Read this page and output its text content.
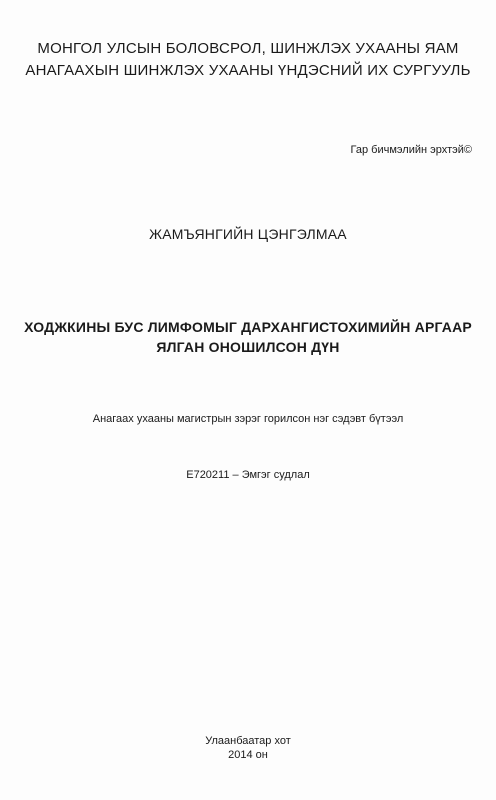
МОНГОЛ УЛСЫН БОЛОВСРОЛ, ШИНЖЛЭХ УХААНЫ ЯАМ
АНАГААХЫН ШИНЖЛЭХ УХААНЫ ҮНДЭСНИЙ ИХ СУРГУУЛЬ
Гар бичмэлийн эрхтэй©
ЖАМЪЯНГИЙН ЦЭНГЭЛМАА
ХОДЖКИНЫ БУС ЛИМФОМЫГ ДАРХАНГИСТОХИМИЙН АРГААР
ЯЛГАН ОНОШИЛСОН ДҮН
Анагаах ухааны магистрын зэрэг горилсон нэг сэдэвт бүтээл
Е720211 – Эмгэг судлал
Улаанбаатар хот
2014 он
